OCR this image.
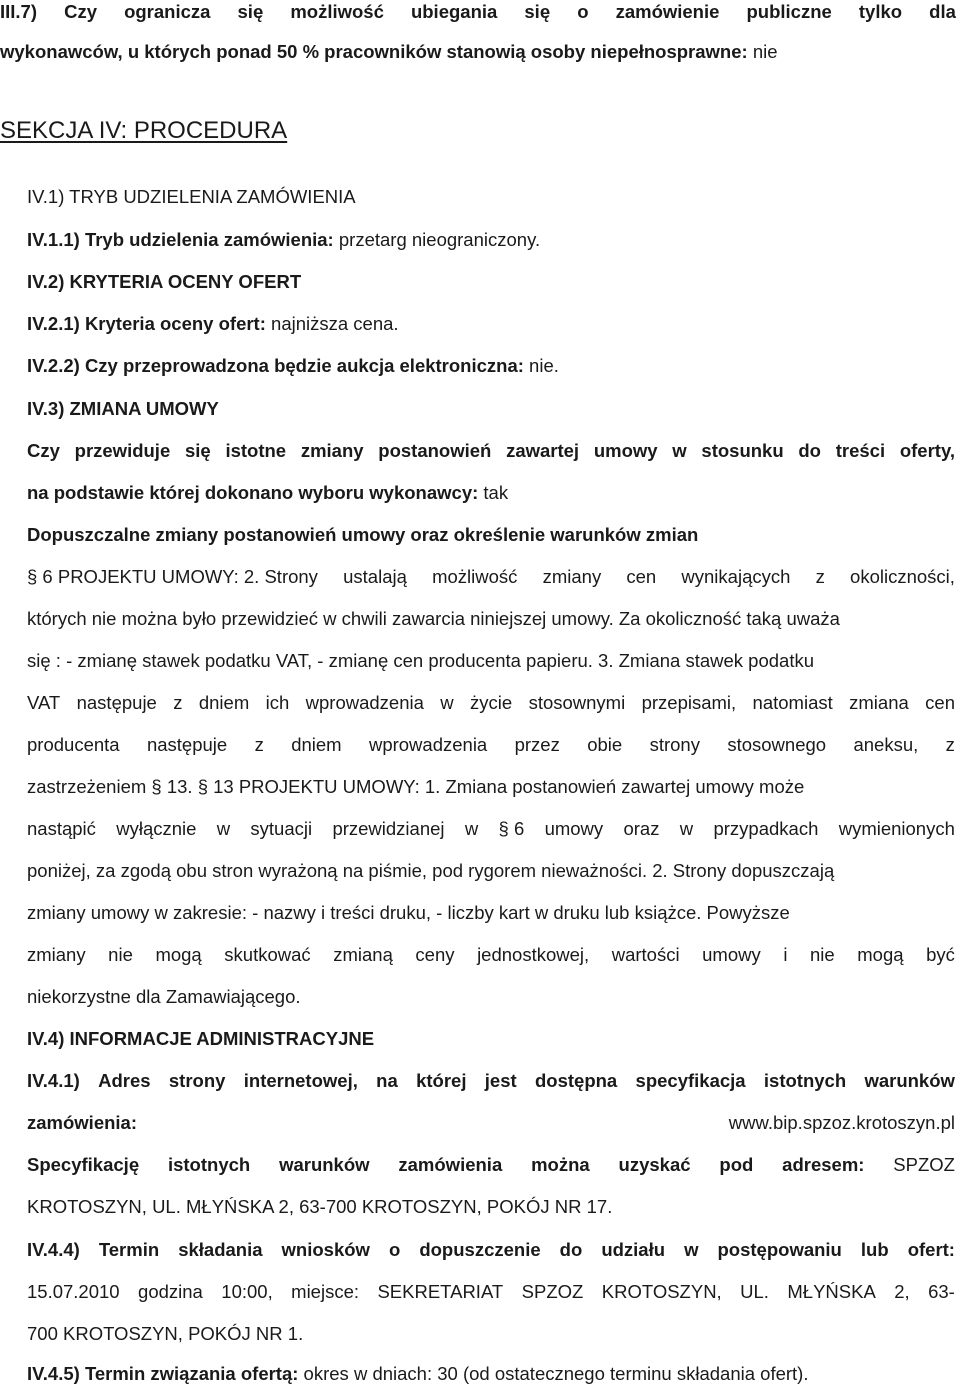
III.7) Czy ogranicza się możliwość ubiegania się o zamówienie publiczne tylko dla
wykonawców, u których ponad 50 % pracowników stanowią osoby niepełnosprawne: nie
SEKCJA IV: PROCEDURA
IV.1) TRYB UDZIELENIA ZAMÓWIENIA
IV.1.1) Tryb udzielenia zamówienia: przetarg nieograniczony.
IV.2) KRYTERIA OCENY OFERT
IV.2.1) Kryteria oceny ofert: najniższa cena.
IV.2.2) Czy przeprowadzona będzie aukcja elektroniczna: nie.
IV.3) ZMIANA UMOWY
Czy przewiduje się istotne zmiany postanowień zawartej umowy w stosunku do treści oferty,
na podstawie której dokonano wyboru wykonawcy: tak
Dopuszczalne zmiany postanowień umowy oraz określenie warunków zmian
§ 6 PROJEKTU UMOWY: 2. Strony ustalają możliwość zmiany cen wynikających z okoliczności,
których nie można było przewidzieć w chwili zawarcia niniejszej umowy. Za okoliczność taką uważa
się : - zmianę stawek podatku VAT, - zmianę cen producenta papieru. 3. Zmiana stawek podatku
VAT następuje z dniem ich wprowadzenia w życie stosownymi przepisami, natomiast zmiana cen
producenta następuje z dniem wprowadzenia przez obie strony stosownego aneksu, z
zastrzeżeniem § 13. § 13 PROJEKTU UMOWY: 1. Zmiana postanowień zawartej umowy może
nastąpić wyłącznie w sytuacji przewidzianej w § 6 umowy oraz w przypadkach wymienionych
poniżej, za zgodą obu stron wyrażoną na piśmie, pod rygorem nieważności. 2. Strony dopuszczają
zmiany umowy w zakresie: - nazwy i treści druku, - liczby kart w druku lub książce. Powyższe
zmiany nie mogą skutkować zmianą ceny jednostkowej, wartości umowy i nie mogą być
niekorzystne dla Zamawiającego.
IV.4) INFORMACJE ADMINISTRACYJNE
IV.4.1) Adres strony internetowej, na której jest dostępna specyfikacja istotnych warunków
zamówienia:	www.bip.spzoz.krotoszyn.pl
Specyfikację istotnych warunków zamówienia można uzyskać pod adresem: SPZOZ
KROTOSZYN, UL. MŁYŃSKA 2, 63-700 KROTOSZYN, POKÓJ NR 17.
IV.4.4) Termin składania wniosków o dopuszczenie do udziału w postępowaniu lub ofert:
15.07.2010 godzina 10:00, miejsce: SEKRETARIAT SPZOZ KROTOSZYN, UL. MŁYŃSKA 2, 63-
700 KROTOSZYN, POKÓJ NR 1.
IV.4.5) Termin związania ofertą: okres w dniach: 30 (od ostatecznego terminu składania ofert).
